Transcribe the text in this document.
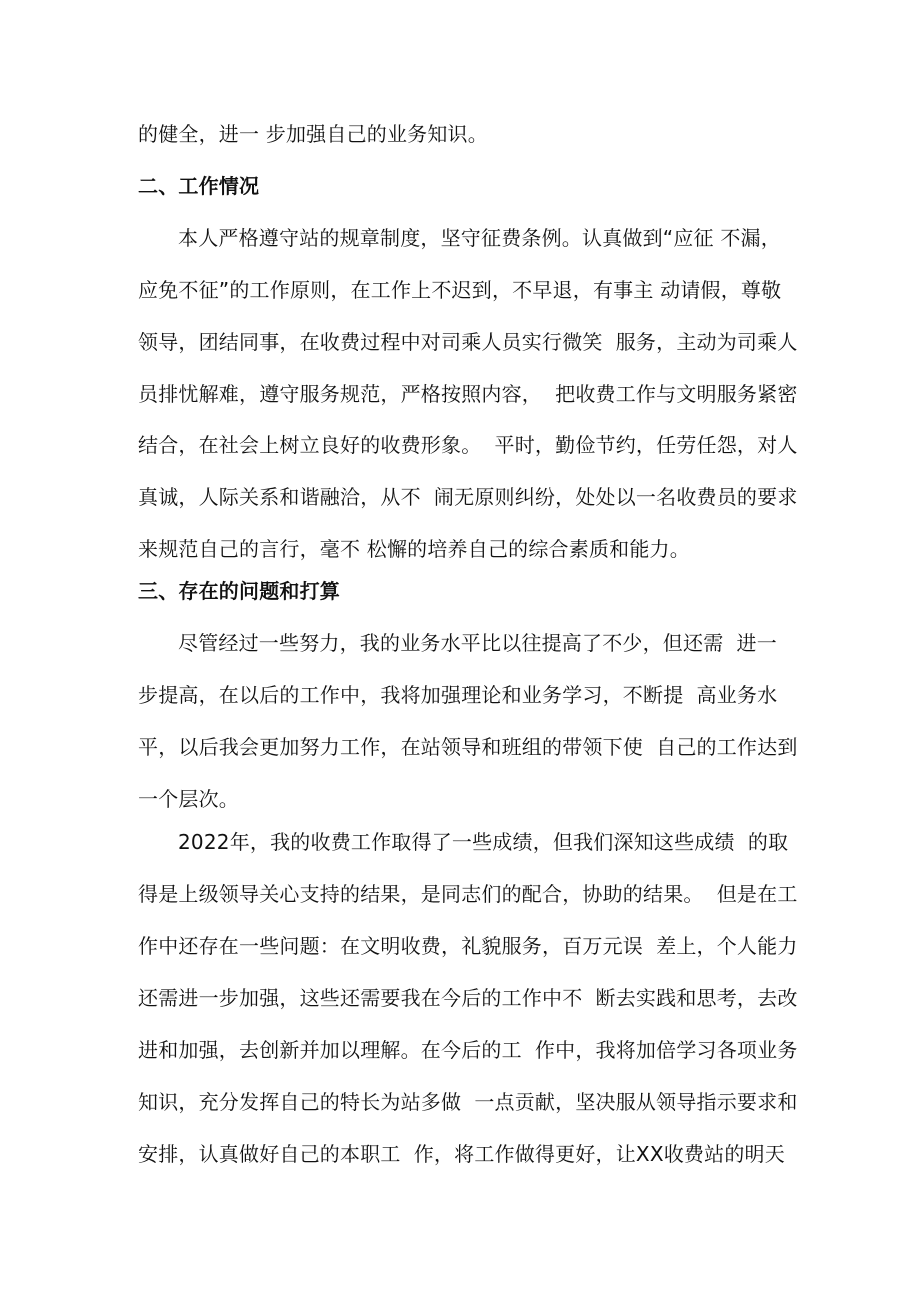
的健全，进一 步加强自己的业务知识。
二、工作情况
本人严格遵守站的规章制度，坚守征费条例。认真做到“应征 不漏，
应免不征”的工作原则，在工作上不迟到，不早退，有事主 动请假，尊敬
领导，团结同事，在收费过程中对司乘人员实行微笑  服务，主动为司乘人
员排忧解难，遵守服务规范，严格按照内容，  把收费工作与文明服务紧密
结合，在社会上树立良好的收费形象。  平时，勤俭节约，任劳任怨，对人
真诚，人际关系和谐融洽，从不  闹无原则纠纷，处处以一名收费员的要求
来规范自己的言行，毫不 松懈的培养自己的综合素质和能力。
三、存在的问题和打算
尽管经过一些努力，我的业务水平比以往提高了不少，但还需  进一
步提高，在以后的工作中，我将加强理论和业务学习，不断提  高业务水
平，以后我会更加努力工作，在站领导和班组的带领下使  自己的工作达到
一个层次。
2022年，我的收费工作取得了一些成绩，但我们深知这些成绩  的取
得是上级领导关心支持的结果，是同志们的配合，协助的结果。  但是在工
作中还存在一些问题：在文明收费，礼貌服务，百万元误  差上，个人能力
还需进一步加强，这些还需要我在今后的工作中不  断去实践和思考，去改
进和加强，去创新并加以理解。在今后的工  作中，我将加倍学习各项业务
知识，充分发挥自己的特长为站多做  一点贡献，坚决服从领导指示要求和
安排，认真做好自己的本职工  作，将工作做得更好，让XX收费站的明天
